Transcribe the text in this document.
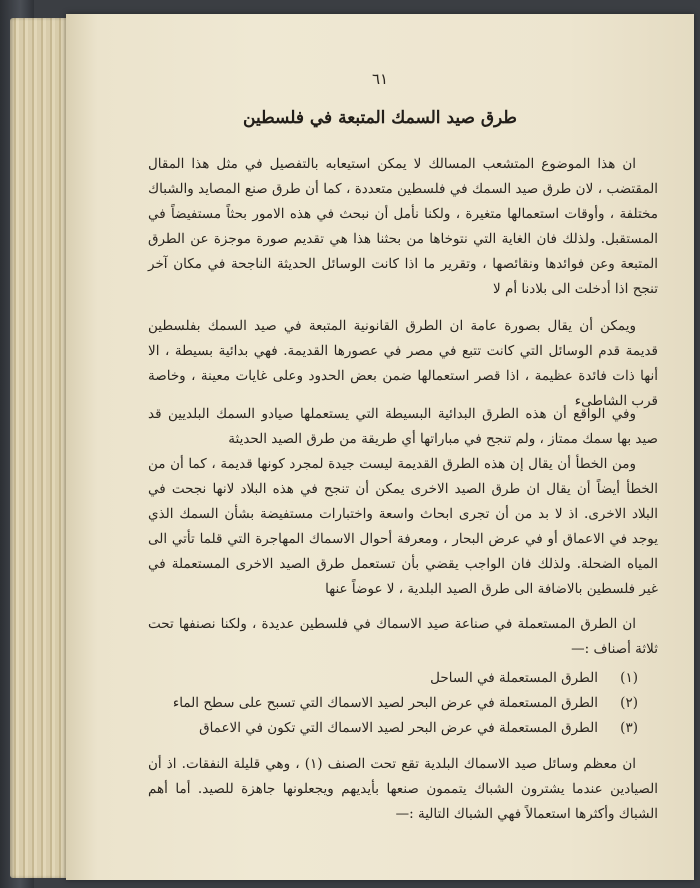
٦١
طرق صيد السمك المتبعة في فلسطين

ان هذا الموضوع المتشعب المسالك لا يمكن استيعابه بالتفصيل في مثل هذا المقال المقتضب ، لان طرق صيد السمك في فلسطين متعددة ، كما أن طرق صنع المصايد والشباك مختلفة ، وأوقات استعمالها متغيرة ، ولكنا نأمل أن نبحث في هذه الامور بحثاً مستفيضاً في المستقبل. ولذلك فان الغاية التي نتوخاها من بحثنا هذا هي تقديم صورة موجزة عن الطرق المتبعة وعن فوائدها ونقائصها ، وتقرير ما اذا كانت الوسائل الحديثة الناجحة في مكان آخر تنجح اذا أدخلت الى بلادنا أم لا

ويمكن أن يقال بصورة عامة ان الطرق القانونية المتبعة في صيد السمك بفلسطين قديمة قدم الوسائل التي كانت تتبع في مصر في عصورها القديمة. فهي بدائية بسيطة ، الا أنها ذات فائدة عظيمة ، اذا قصر استعمالها ضمن بعض الحدود وعلى غايات معينة ، وخاصة قرب الشاطىء

وفي الواقع أن هذه الطرق البدائية البسيطة التي يستعملها صيادو السمك البلديين قد صيد بها سمك ممتاز ، ولم تنجح في مباراتها أي طريقة من طرق الصيد الحديثة

ومن الخطأ أن يقال إن هذه الطرق القديمة ليست جيدة لمجرد كونها قديمة ، كما أن من الخطأ أيضاً أن يقال ان طرق الصيد الاخرى يمكن أن تنجح في هذه البلاد لانها نجحت في البلاد الاخرى. اذ لا بد من أن تجرى ابحاث واسعة واختبارات مستفيضة بشأن السمك الذي يوجد في الاعماق أو في عرض البحار ، ومعرفة أحوال الاسماك المهاجرة التي قلما تأتي الى المياه الضحلة. ولذلك فان الواجب يقضي بأن تستعمل طرق الصيد الاخرى المستعملة في غير فلسطين بالاضافة الى طرق الصيد البلدية ، لا عوضاً عنها

ان الطرق المستعملة في صناعة صيد الاسماك في فلسطين عديدة ، ولكنا نصنفها تحت ثلاثة أصناف :—

(١)
الطرق المستعملة في الساحل
(٢)
الطرق المستعملة في عرض البحر لصيد الاسماك التي تسبح على سطح الماء
(٣)
الطرق المستعملة في عرض البحر لصيد الاسماك التي تكون في الاعماق

ان معظم وسائل صيد الاسماك البلدية تقع تحت الصنف (١) ، وهي قليلة النفقات. اذ أن الصيادين عندما يشترون الشباك يتممون صنعها بأيديهم ويجعلونها جاهزة للصيد. أما أهم الشباك وأكثرها استعمالاً فهي الشباك التالية :—
